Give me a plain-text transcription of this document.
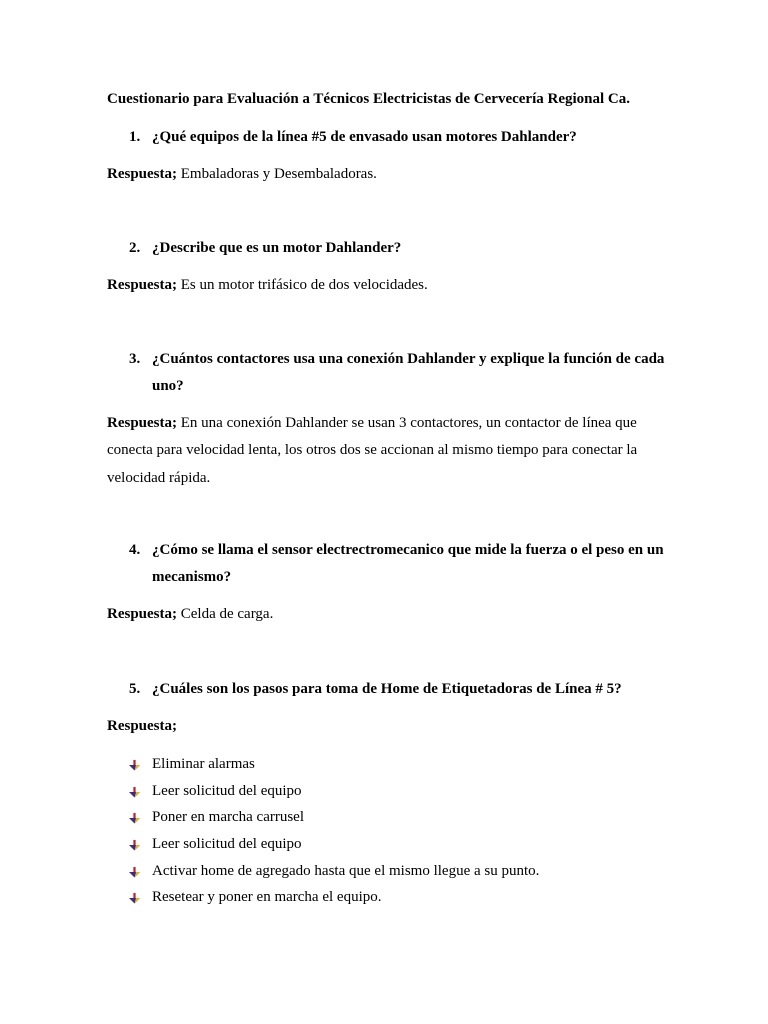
Cuestionario para Evaluación a Técnicos Electricistas de Cervecería Regional Ca.
1. ¿Qué equipos de la línea #5 de envasado usan motores Dahlander?
Respuesta; Embaladoras y Desembaladoras.
2. ¿Describe que es un motor Dahlander?
Respuesta; Es un motor trifásico de dos velocidades.
3. ¿Cuántos contactores usa una conexión Dahlander y explique la función de cada uno?
Respuesta; En una conexión Dahlander se usan 3 contactores, un contactor de línea que conecta para velocidad lenta, los otros dos se accionan al mismo tiempo para conectar la velocidad rápida.
4. ¿Cómo se llama el sensor electrectromecanico que mide la fuerza o el peso en un mecanismo?
Respuesta; Celda de carga.
5. ¿Cuáles son los pasos para toma de Home de Etiquetadoras de Línea # 5?
Respuesta;
Eliminar alarmas
Leer solicitud del equipo
Poner en marcha carrusel
Leer solicitud del equipo
Activar home de agregado hasta que el mismo llegue a su punto.
Resetear y poner en marcha el equipo.
